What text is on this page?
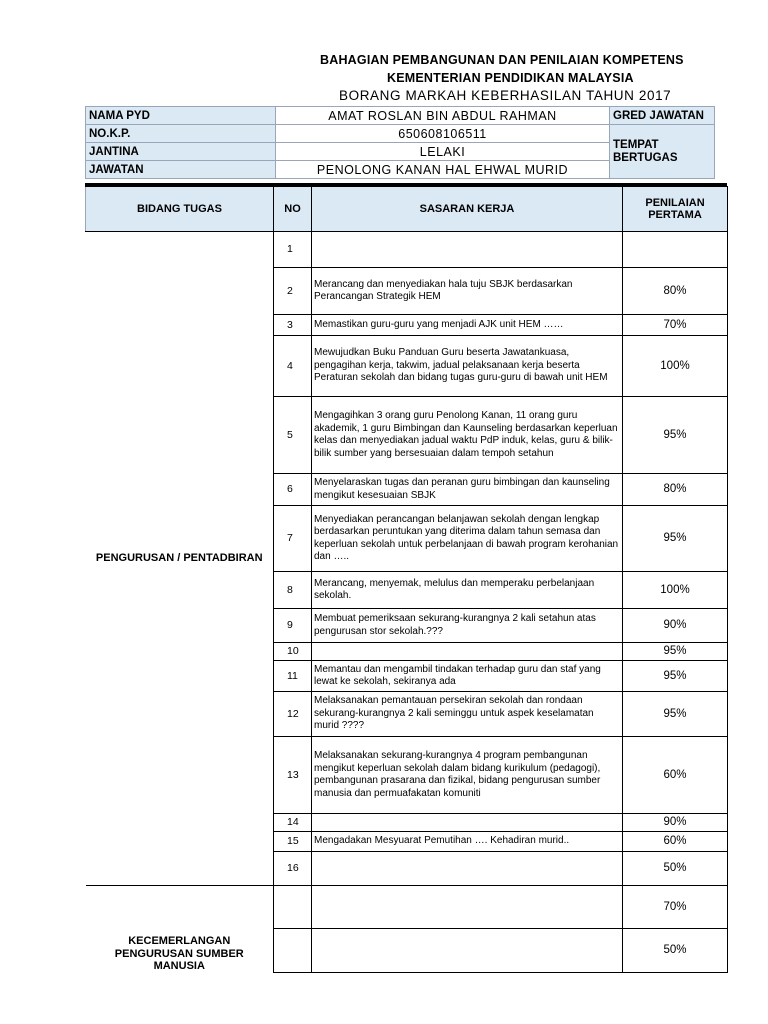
BAHAGIAN PEMBANGUNAN DAN PENILAIAN KOMPETENS
KEMENTERIAN PENDIDIKAN MALAYSIA
BORANG MARKAH KEBERHASILAN TAHUN 2017
NAMA PYD	AMAT ROSLAN BIN ABDUL RAHMAN	GRED JAWATAN	
NO.K.P.	650608106511	TEMPAT BERTUGAS	
JANTINA	LELAKI		
JAWATAN	PENOLONG KANAN HAL EHWAL MURID		
BIDANG TUGAS	NO	SASARAN KERJA	PENILAIAN PERTAMA
PENGURUSAN / PENTADBIRAN	1		
	2	Merancang dan menyediakan hala tuju SBJK berdasarkan Perancangan Strategik HEM	80%
	3	Memastikan guru-guru yang menjadi AJK unit HEM ……	70%
	4	Mewujudkan Buku Panduan Guru beserta Jawatankuasa, pengagihan kerja, takwim, jadual pelaksanaan kerja beserta Peraturan sekolah dan bidang tugas guru-guru di bawah unit HEM	100%
	5	Mengagihkan 3 orang guru Penolong Kanan, 11 orang guru akademik, 1 guru Bimbingan dan Kaunseling berdasarkan keperluan kelas dan menyediakan jadual waktu PdP induk, kelas, guru & bilik-bilik sumber yang bersesuaian dalam tempoh setahun	95%
	6	Menyelaraskan tugas dan peranan guru bimbingan dan kaunseling mengikut kesesuaian SBJK	80%
	7	Menyediakan perancangan belanjawan sekolah dengan lengkap berdasarkan peruntukan yang diterima dalam tahun semasa dan keperluan sekolah untuk perbelanjaan di bawah program kerohanian dan …..	95%
	8	Merancang, menyemak, melulus dan memperaku perbelanjaan sekolah.	100%
	9	Membuat pemeriksaan sekurang-kurangnya 2 kali setahun atas pengurusan stor sekolah.???	90%
	10		95%
	11	Memantau dan mengambil tindakan terhadap guru dan staf yang lewat ke sekolah, sekiranya ada	95%
	12	Melaksanakan pemantauan persekiran sekolah dan rondaan sekurang-kurangnya 2 kali seminggu untuk aspek keselamatan murid ????	95%
	13	Melaksanakan sekurang-kurangnya 4 program pembangunan mengikut keperluan sekolah dalam bidang kurikulum (pedagogi), pembangunan prasarana dan fizikal, bidang pengurusan sumber manusia dan permuafakatan komuniti	60%
	14		90%
	15	Mengadakan Mesyuarat Pemutihan …. Kehadiran murid..	60%
	16		50%
KECEMERLANGAN PENGURUSAN SUMBER MANUSIA			70%
			50%
